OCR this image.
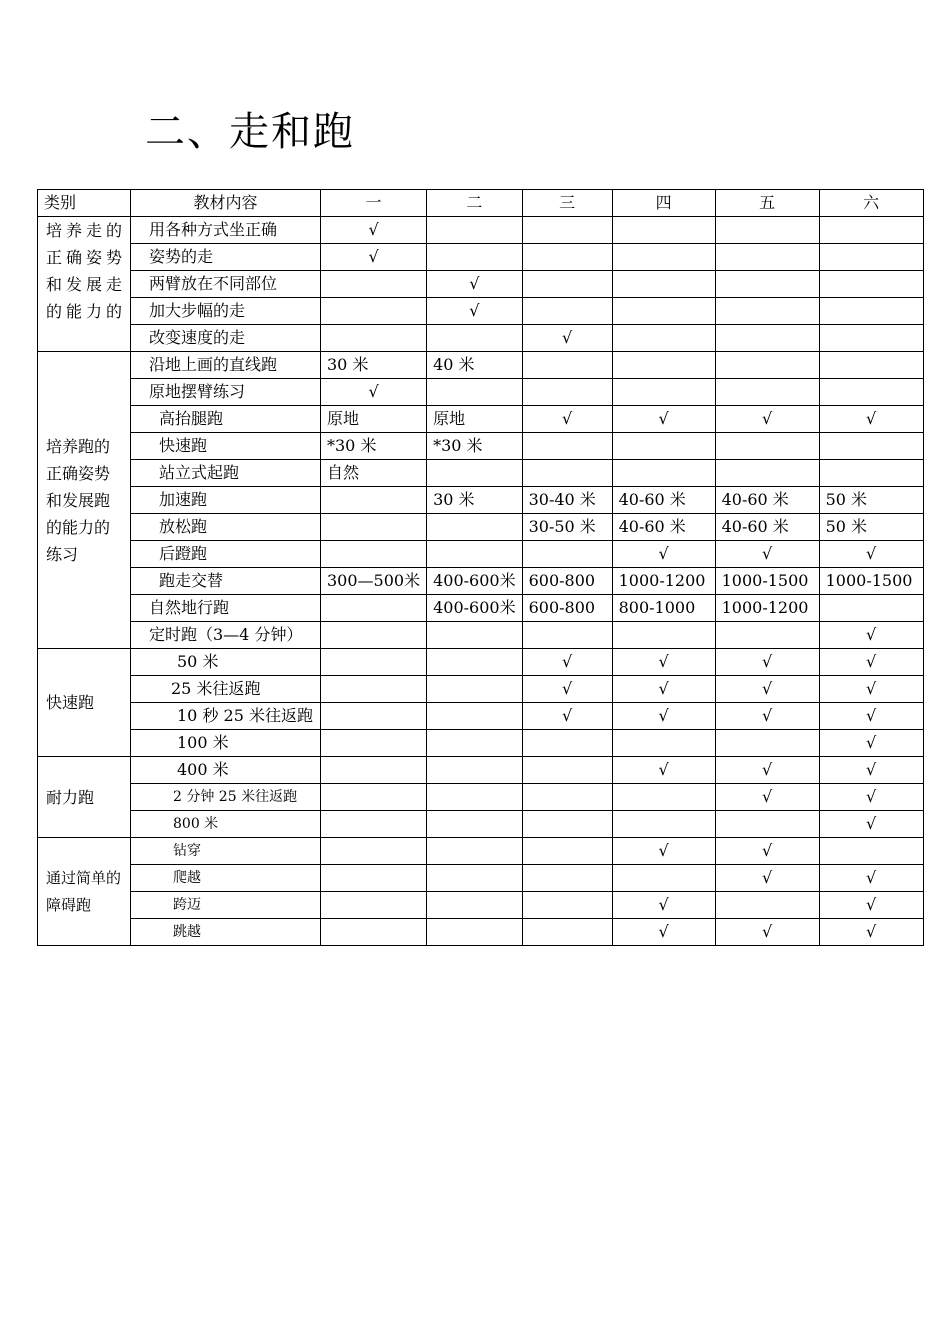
二、走和跑
类别	教材内容	一	二	三	四	五	六
培养走的正确姿势和发展走的能力的	用各种方式坐正确	√					
	姿势的走	√					
	两臂放在不同部位		√				
	加大步幅的走		√				
	改变速度的走			√			
培养跑的正确姿势和发展跑的能力的练习	沿地上画的直线跑	30 米	40 米				
	原地摆臂练习	√					
	高抬腿跑	原地	原地	√	√	√	√
	快速跑	*30 米	*30 米				
	站立式起跑	自然					
	加速跑		30 米	30-40 米	40-60 米	40-60 米	50 米
	放松跑			30-50 米	40-60 米	40-60 米	50 米
	后蹬跑				√	√	√
	跑走交替	300—500米	400-600米	600-800	1000-1200	1000-1500	1000-1500
	自然地行跑		400-600米	600-800	800-1000	1000-1200	
	定时跑（3—4 分钟）						√
快速跑	50 米			√	√	√	√
	25 米往返跑			√	√	√	√
	10 秒 25 米往返跑			√	√	√	√
	100 米						√
耐力跑	400 米				√	√	√
	2 分钟 25 米往返跑					√	√
	800 米						√
通过简单的障碍跑	钻穿				√	√	
	爬越					√	√
	跨迈				√		√
	跳越				√	√	√
